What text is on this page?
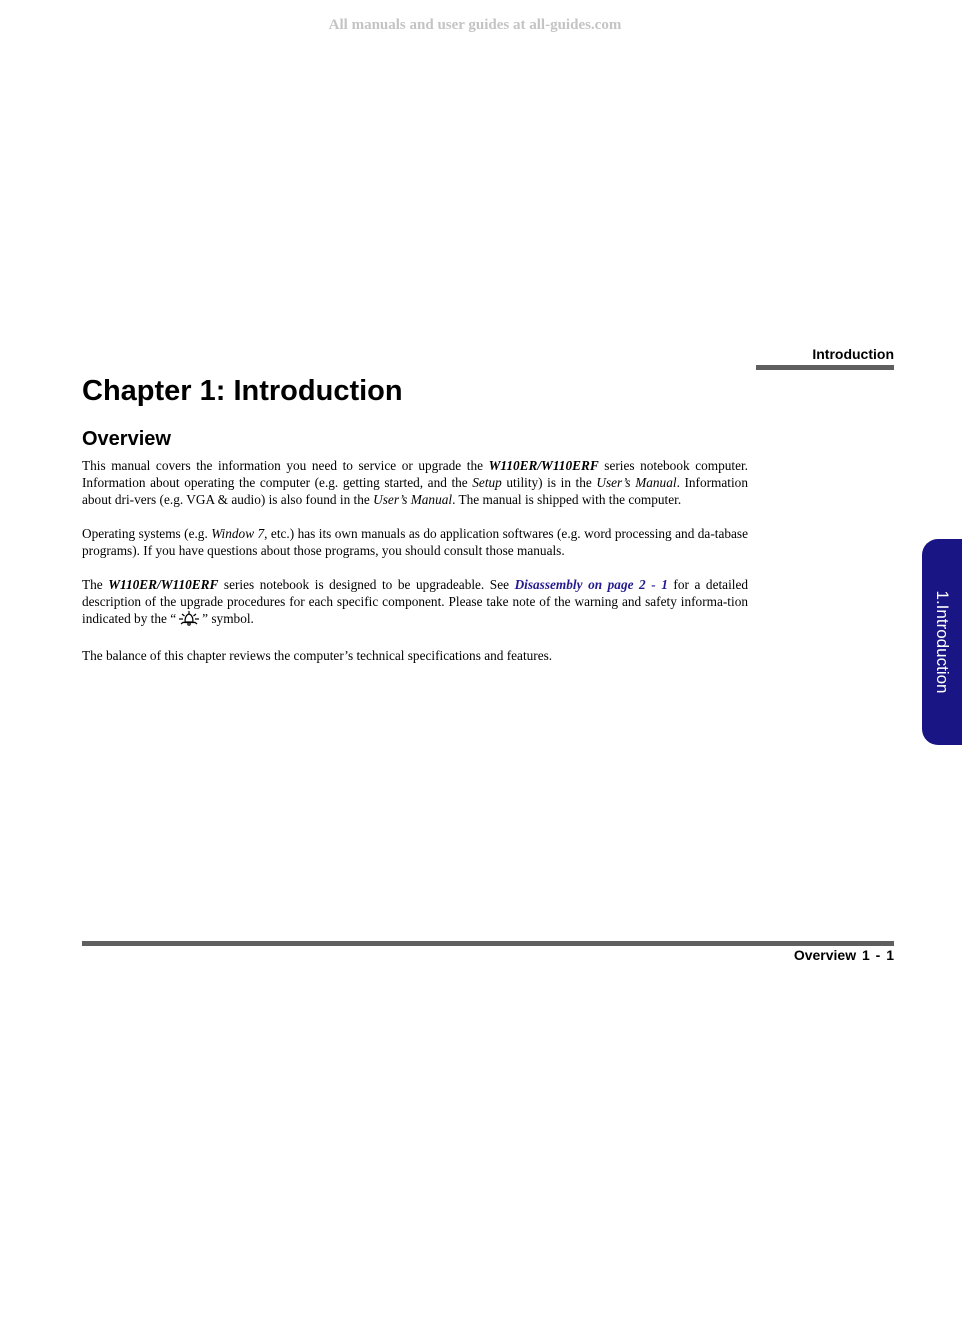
All manuals and user guides at all-guides.com
Introduction
Chapter 1: Introduction
Overview

This manual covers the information you need to service or upgrade the W110ER/W110ERF series notebook computer. Information about operating the computer (e.g. getting started, and the Setup utility) is in the User’s Manual. Information about dri-vers (e.g. VGA & audio) is also found in the User’s Manual. The manual is shipped with the computer.

Operating systems (e.g. Window 7, etc.) has its own manuals as do application softwares (e.g. word processing and da-tabase programs). If you have questions about those programs, you should consult those manuals.

The W110ER/W110ERF series notebook is designed to be upgradeable. See Disassembly on page 2 - 1 for a detailed description of the upgrade procedures for each specific component. Please take note of the warning and safety informa-tion indicated by the “ ” symbol.

The balance of this chapter reviews the computer’s technical specifications and features.	1.Introduction
Overview 1 - 1
